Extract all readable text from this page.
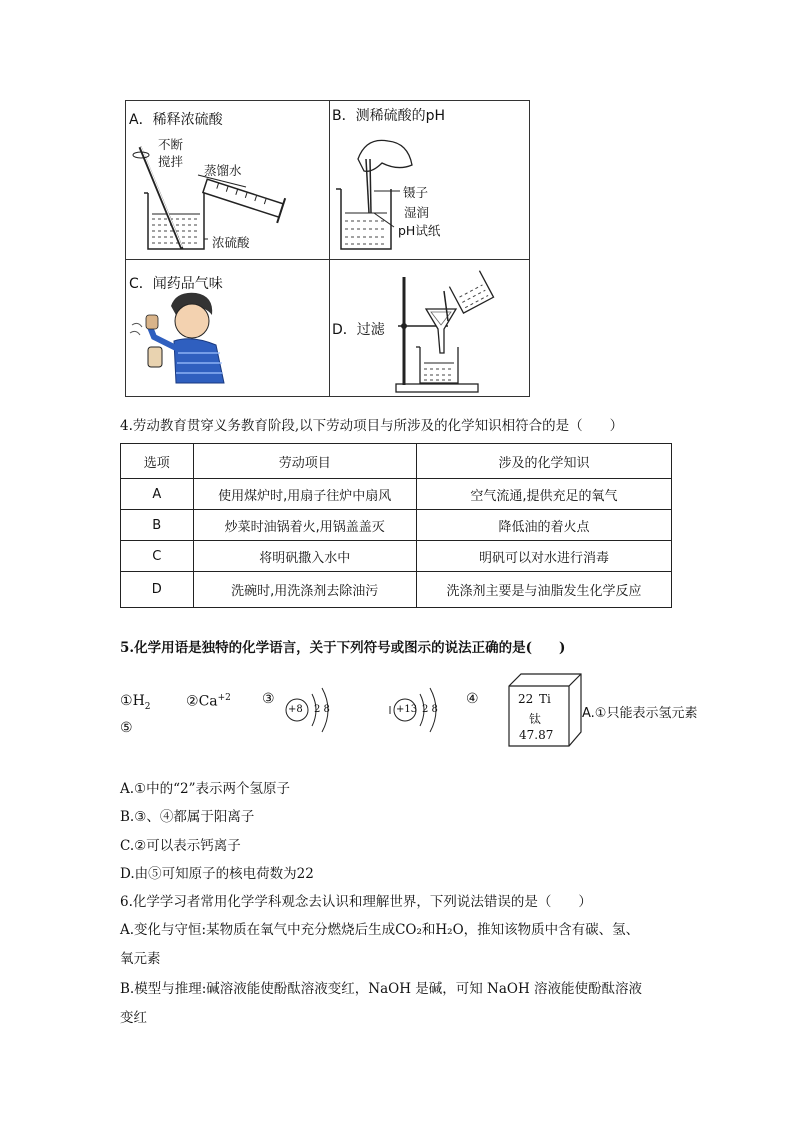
A．稀释浓硫酸
不断
搅拌
蒸馏水
浓硫酸
B．测稀硫酸的pH
镊子
湿润
pH试纸
C．闻药品气味
D．过滤
4.劳动教育贯穿义务教育阶段,以下劳动项目与所涉及的化学知识相符合的是（　　）
选项	劳动项目	涉及的化学知识
A	使用煤炉时,用扇子往炉中扇风	空气流通,提供充足的氧气
B	炒菜时油锅着火,用锅盖盖灭	降低油的着火点
C	将明矾撒入水中	明矾可以对水进行消毒
D	洗碗时,用洗涤剂去除油污	洗涤剂主要是与油脂发生化学反应
5.化学用语是独特的化学语言，关于下列符号或图示的说法正确的是(　　)
$①H_2$	$②Ca^{+2}$ ③
+8 2 8	+13 2 8
④
⑤
22 Ti
钛
47.87
A.①只能表示氢元素
A.①中的“2”表示两个氢原子
B.③、④都属于阳离子
C.②可以表示钙离子
D.由⑤可知原子的核电荷数为22
6.化学学习者常用化学学科观念去认识和理解世界，下列说法错误的是（　　）
A.变化与守恒:某物质在氧气中充分燃烧后生成CO₂和H₂O，推知该物质中含有碳、氢、
氧元素
B.模型与推理:碱溶液能使酚酞溶液变红，NaOH 是碱，可知 NaOH 溶液能使酚酞溶液
变红
